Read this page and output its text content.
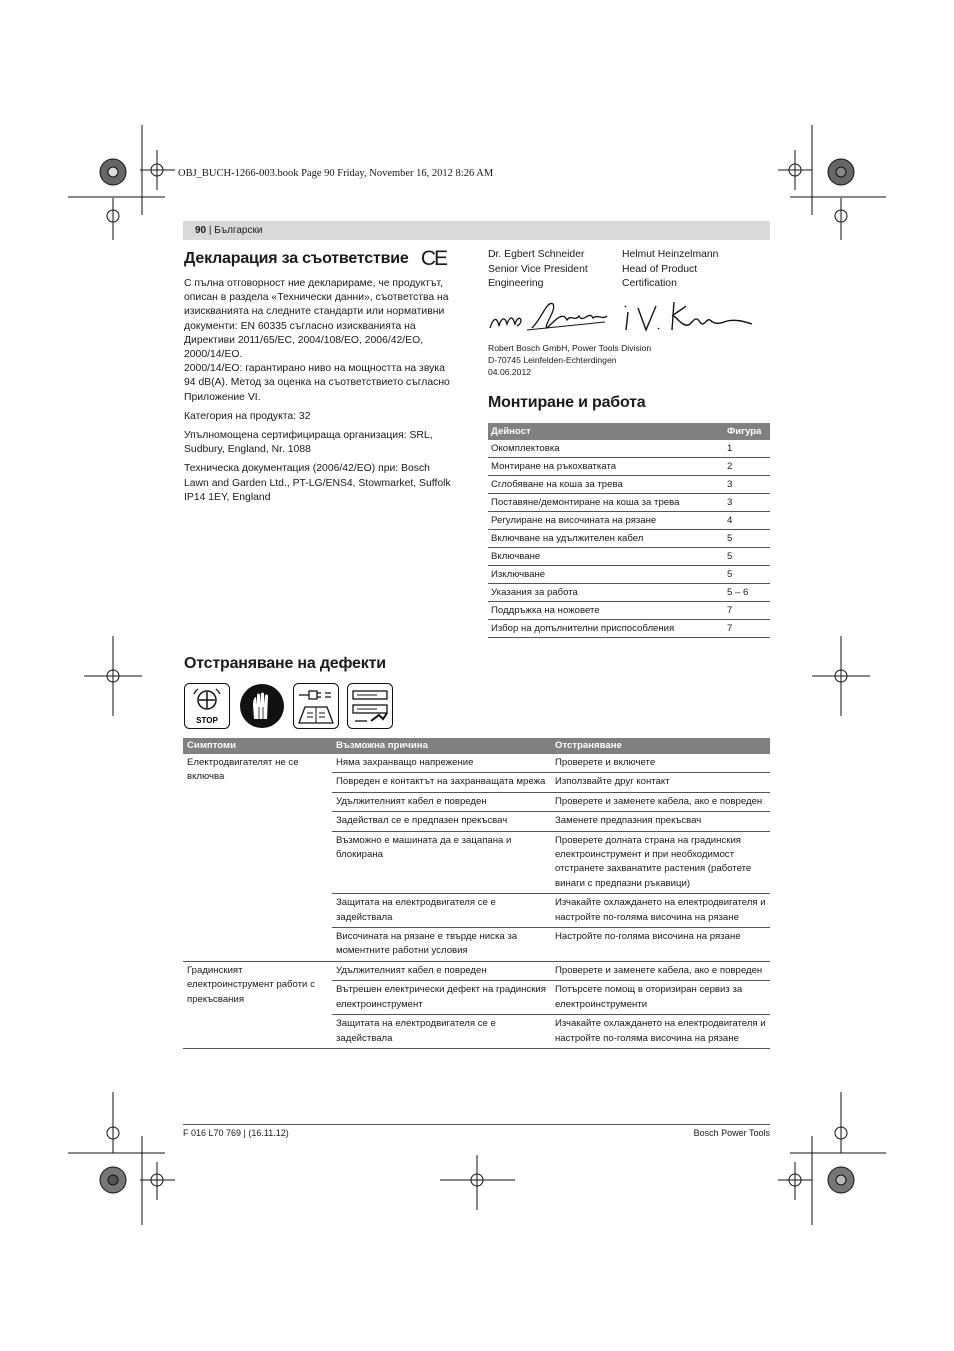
OBJ_BUCH-1266-003.book Page 90 Friday, November 16, 2012 8:26 AM
90 | Български
Декларация за съответствие CE

С пълна отговорност ние декларираме, че продуктът, описан в раздела «Технически данни», съответства на изискванията на следните стандарти или нормативни документи: EN 60335 съгласно изискванията на Директиви 2011/65/ЕС, 2004/108/ЕО, 2006/42/ЕО, 2000/14/ЕО.

2000/14/ЕО: гарантирано ниво на мощността на звука 94 dB(A). Метод за оценка на съответствието съгласно Приложение VI.

Категория на продукта: 32

Упълномощена сертифицираща организация: SRL, Sudbury, England, Nr. 1088

Техническа документация (2006/42/ЕО) при: Bosch Lawn and Garden Ltd., PT-LG/ENS4, Stowmarket, Suffolk IP14 1EY, England

Dr. Egbert Schneider
Senior Vice President
Engineering
Helmut Heinzelmann
Head of Product
Certification
Robert Bosch GmbH, Power Tools Division
D-70745 Leinfelden-Echterdingen
04.06.2012
Монтиране и работа
Дейност	Фигура
Окомплектовка	1
Монтиране на ръкохватката	2
Сглобяване на коша за трева	3
Поставяне/демонтиране на коша за трева	3
Регулиране на височината на рязане	4
Включване на удължителен кабел	5
Включване	5
Изключване	5
Указания за работа	5 – 6
Поддръжка на ножовете	7
Избор на допълнителни приспособления	7
Отстраняване на дефекти
STOP
Симптоми	Възможна причина	Отстраняване
Електродвигателят не се включва	Няма захранващо напрежение	Проверете и включете
	Повреден е контактът на захранващата мрежа	Използвайте друг контакт
	Удължителният кабел е повреден	Проверете и заменете кабела, ако е повреден
	Задействал се е предпазен прекъсвач	Заменете предпазния прекъсвач
	Възможно е машината да е зацапана и блокирана	Проверете долната страна на градинския електроинструмент и при необходимост отстранете захванатите растения (работете винаги с предпазни ръкавици)
	Защитата на електродвигателя се е задействала	Изчакайте охлаждането на електродвигателя и настройте по-голяма височина на рязане
	Височината на рязане е твърде ниска за моментните работни условия	Настройте по-голяма височина на рязане
Градинският електроинструмент работи с прекъсвания	Удължителният кабел е повреден	Проверете и заменете кабела, ако е повреден
	Вътрешен електрически дефект на градинския електроинструмент	Потърсете помощ в оторизиран сервиз за електроинструменти
	Защитата на електродвигателя се е задействала	Изчакайте охлаждането на електродвигателя и настройте по-голяма височина на рязане
F 016 L70 769 | (16.11.12)	Bosch Power Tools
